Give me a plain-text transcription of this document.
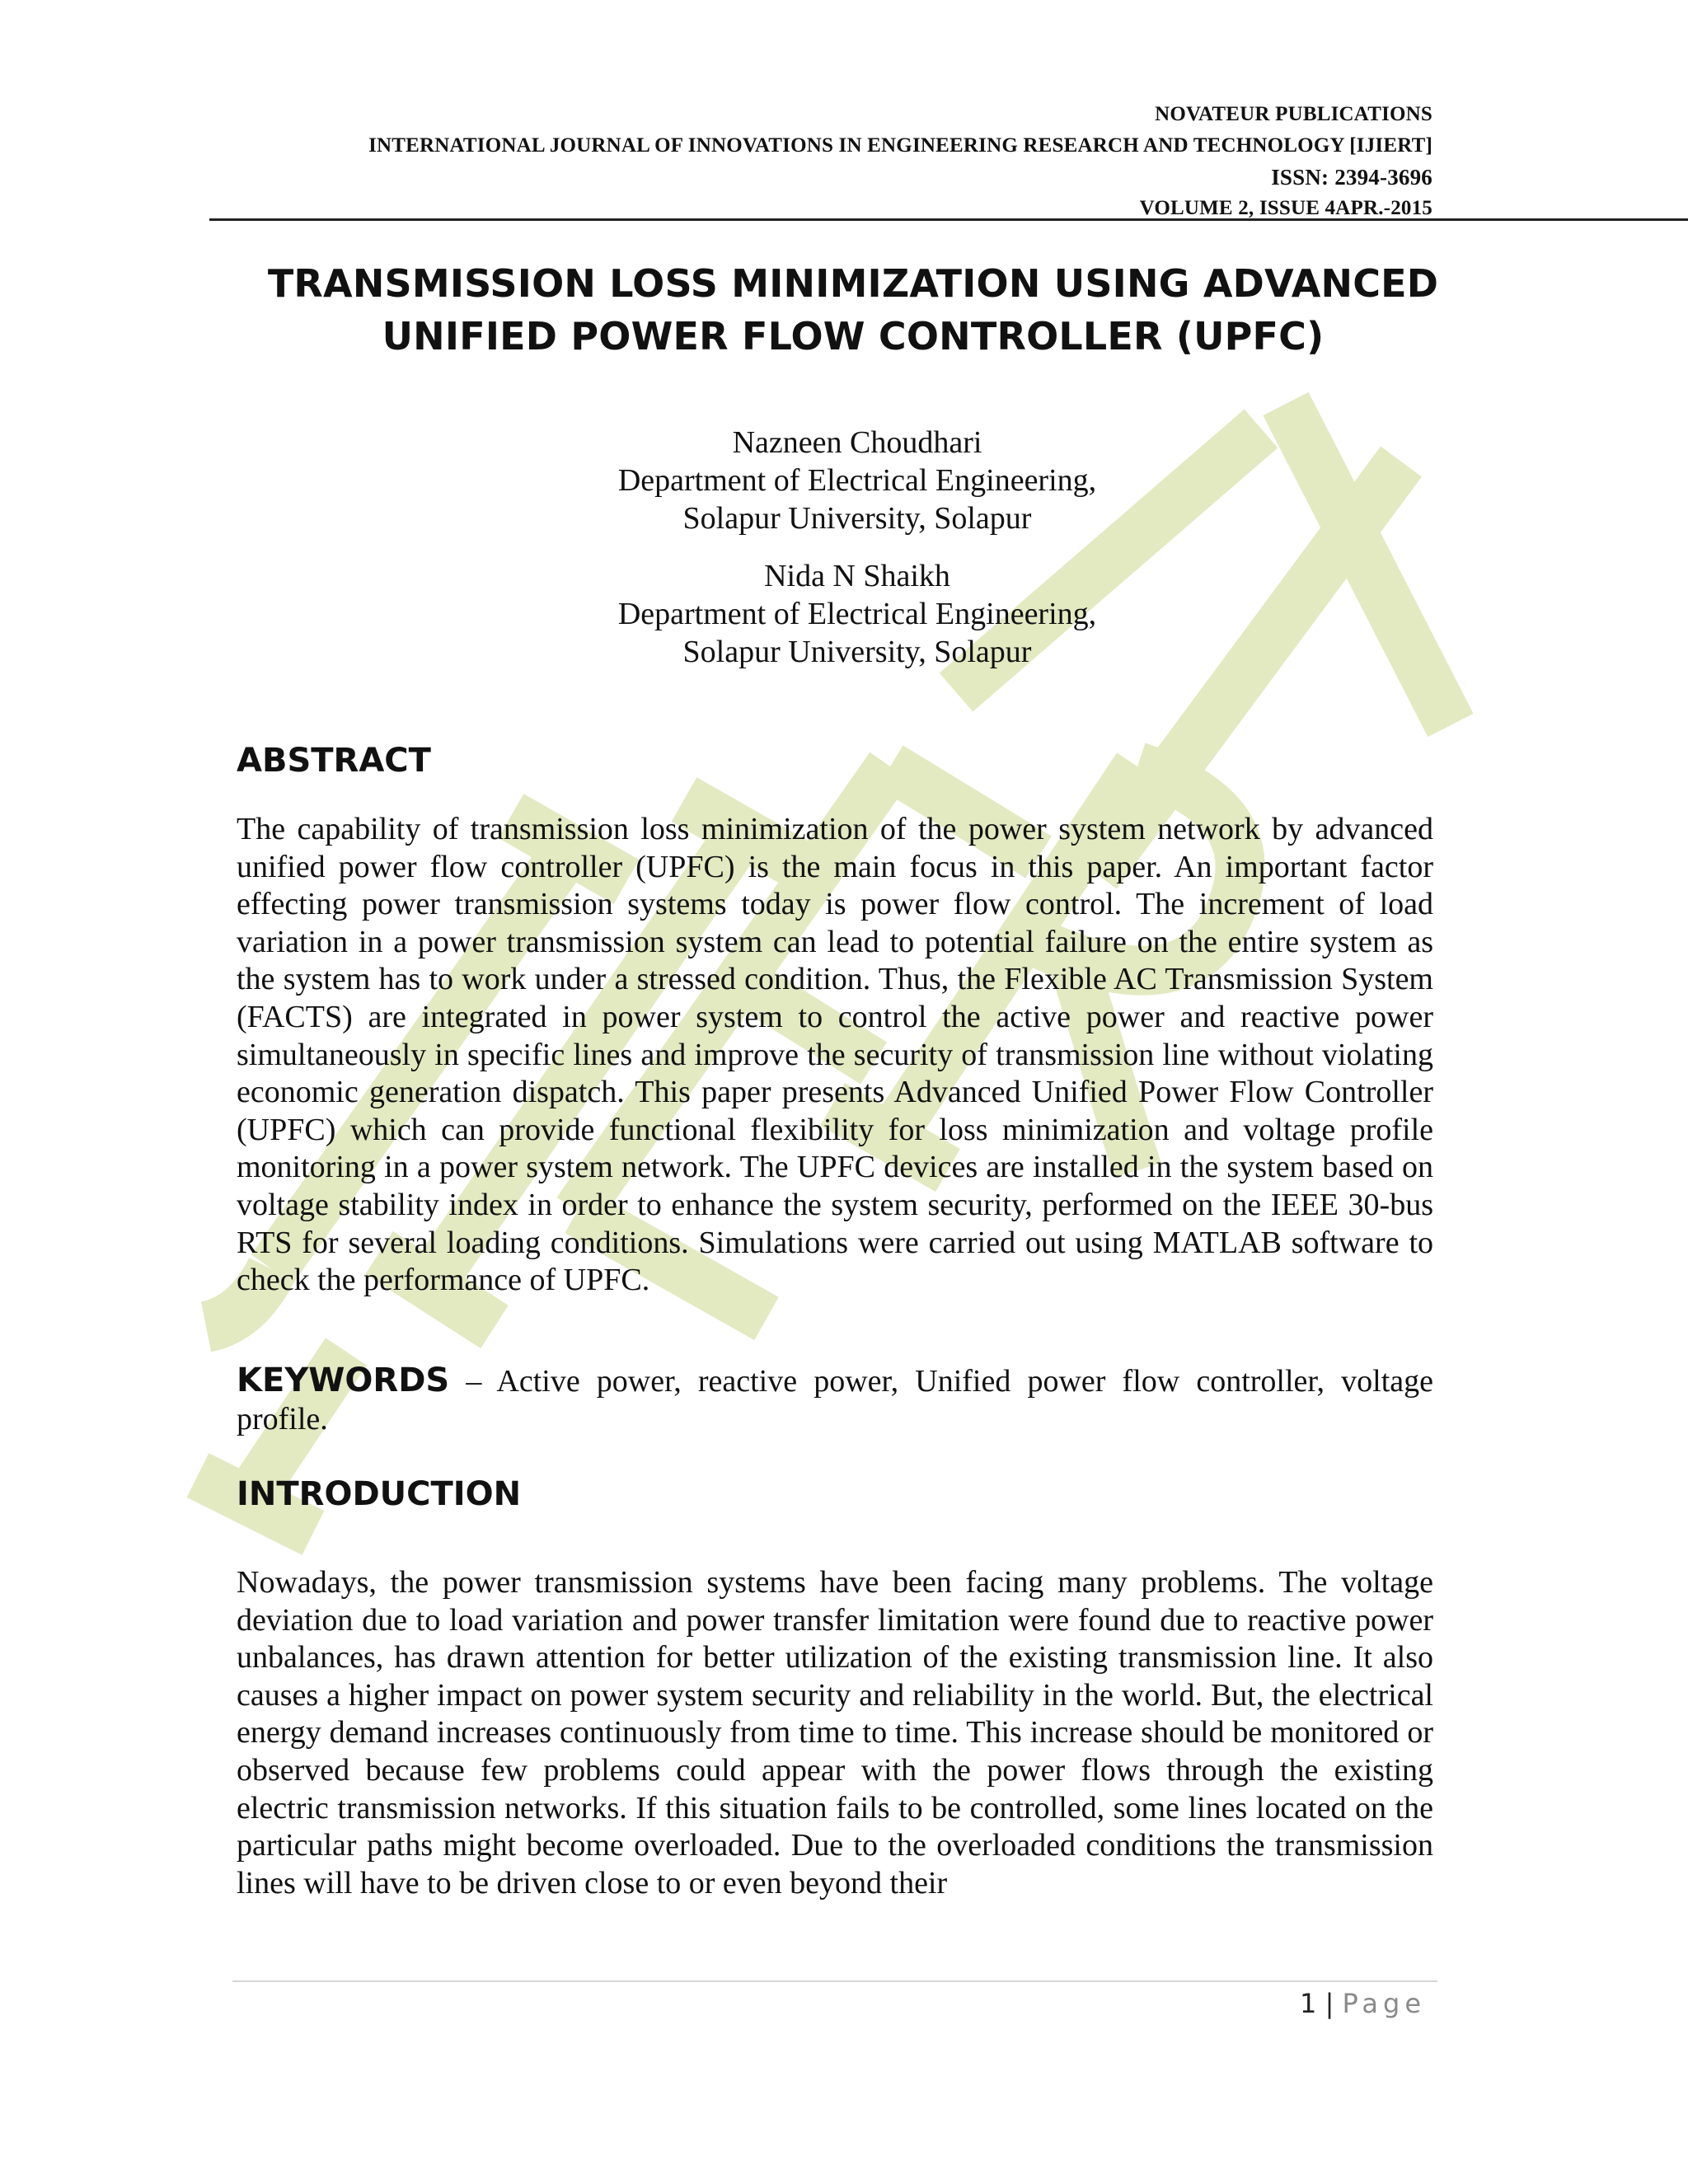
NOVATEUR PUBLICATIONS
INTERNATIONAL JOURNAL OF INNOVATIONS IN ENGINEERING RESEARCH AND TECHNOLOGY [IJIERT]
ISSN: 2394-3696
VOLUME 2, ISSUE 4APR.-2015
TRANSMISSION LOSS MINIMIZATION USING ADVANCED
UNIFIED POWER FLOW CONTROLLER (UPFC)
Nazneen Choudhari
Department of Electrical Engineering,
Solapur University, Solapur
Nida N Shaikh
Department of Electrical Engineering,
Solapur University, Solapur
ABSTRACT
The capability of transmission loss minimization of the power system network by advanced unified power flow controller (UPFC) is the main focus in this paper. An important factor effecting power transmission systems today is power flow control. The increment of load variation in a power transmission system can lead to potential failure on the entire system as the system has to work under a stressed condition. Thus, the Flexible AC Transmission System (FACTS) are integrated in power system to control the active power and reactive power simultaneously in specific lines and improve the security of transmission line without violating economic generation dispatch. This paper presents Advanced Unified Power Flow Controller (UPFC) which can provide functional flexibility for loss minimization and voltage profile monitoring in a power system network. The UPFC devices are installed in the system based on voltage stability index in order to enhance the system security, performed on the IEEE 30-bus RTS for several loading conditions. Simulations were carried out using MATLAB software to check the performance of UPFC.
KEYWORDS – Active power, reactive power, Unified power flow controller, voltage profile.
INTRODUCTION
Nowadays, the power transmission systems have been facing many problems. The voltage deviation due to load variation and power transfer limitation were found due to reactive power unbalances, has drawn attention for better utilization of the existing transmission line. It also causes a higher impact on power system security and reliability in the world. But, the electrical energy demand increases continuously from time to time. This increase should be monitored or observed because few problems could appear with the power flows through the existing electric transmission networks. If this situation fails to be controlled, some lines located on the particular paths might become overloaded. Due to the overloaded conditions the transmission lines will have to be driven close to or even beyond their
1 | Page
